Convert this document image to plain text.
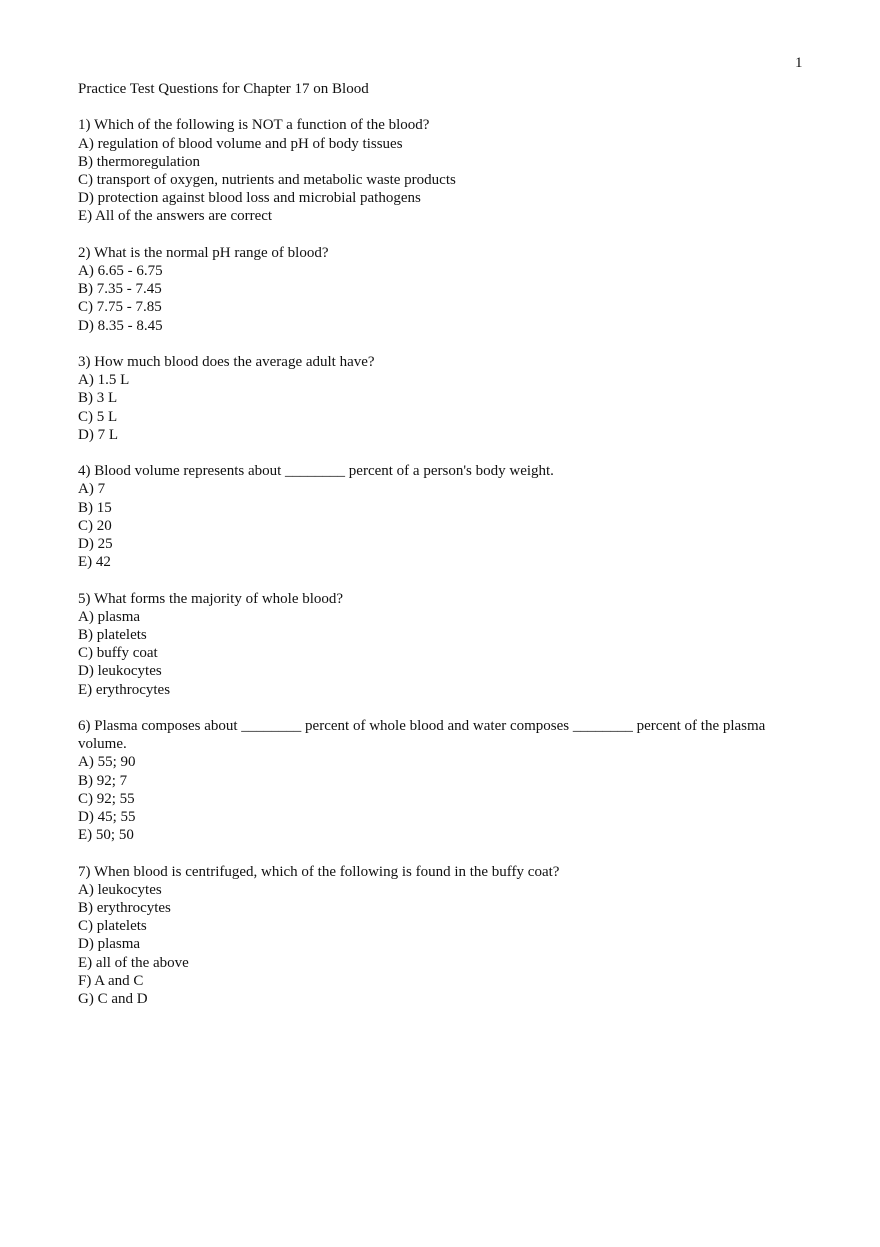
1
Practice Test Questions for Chapter 17 on Blood
1) Which of the following is NOT a function of the blood?
A) regulation of blood volume and pH of body tissues
B) thermoregulation
C) transport of oxygen, nutrients and metabolic waste products
D) protection against blood loss and microbial pathogens
E) All of the answers are correct
2) What is the normal pH range of blood?
A) 6.65 - 6.75
B) 7.35 - 7.45
C) 7.75 - 7.85
D) 8.35 - 8.45
3) How much blood does the average adult have?
A) 1.5 L
B) 3 L
C) 5 L
D) 7 L
4) Blood volume represents about ________ percent of a person's body weight.
A) 7
B) 15
C) 20
D) 25
E) 42
5) What forms the majority of whole blood?
A) plasma
B) platelets
C) buffy coat
D) leukocytes
E) erythrocytes
6) Plasma composes about ________ percent of whole blood and water composes ________ percent of the plasma volume.
A) 55; 90
B) 92; 7
C) 92; 55
D) 45; 55
E) 50; 50
7) When blood is centrifuged, which of the following is found in the buffy coat?
A) leukocytes
B) erythrocytes
C) platelets
D) plasma
E) all of the above
F) A and C
G) C and D
